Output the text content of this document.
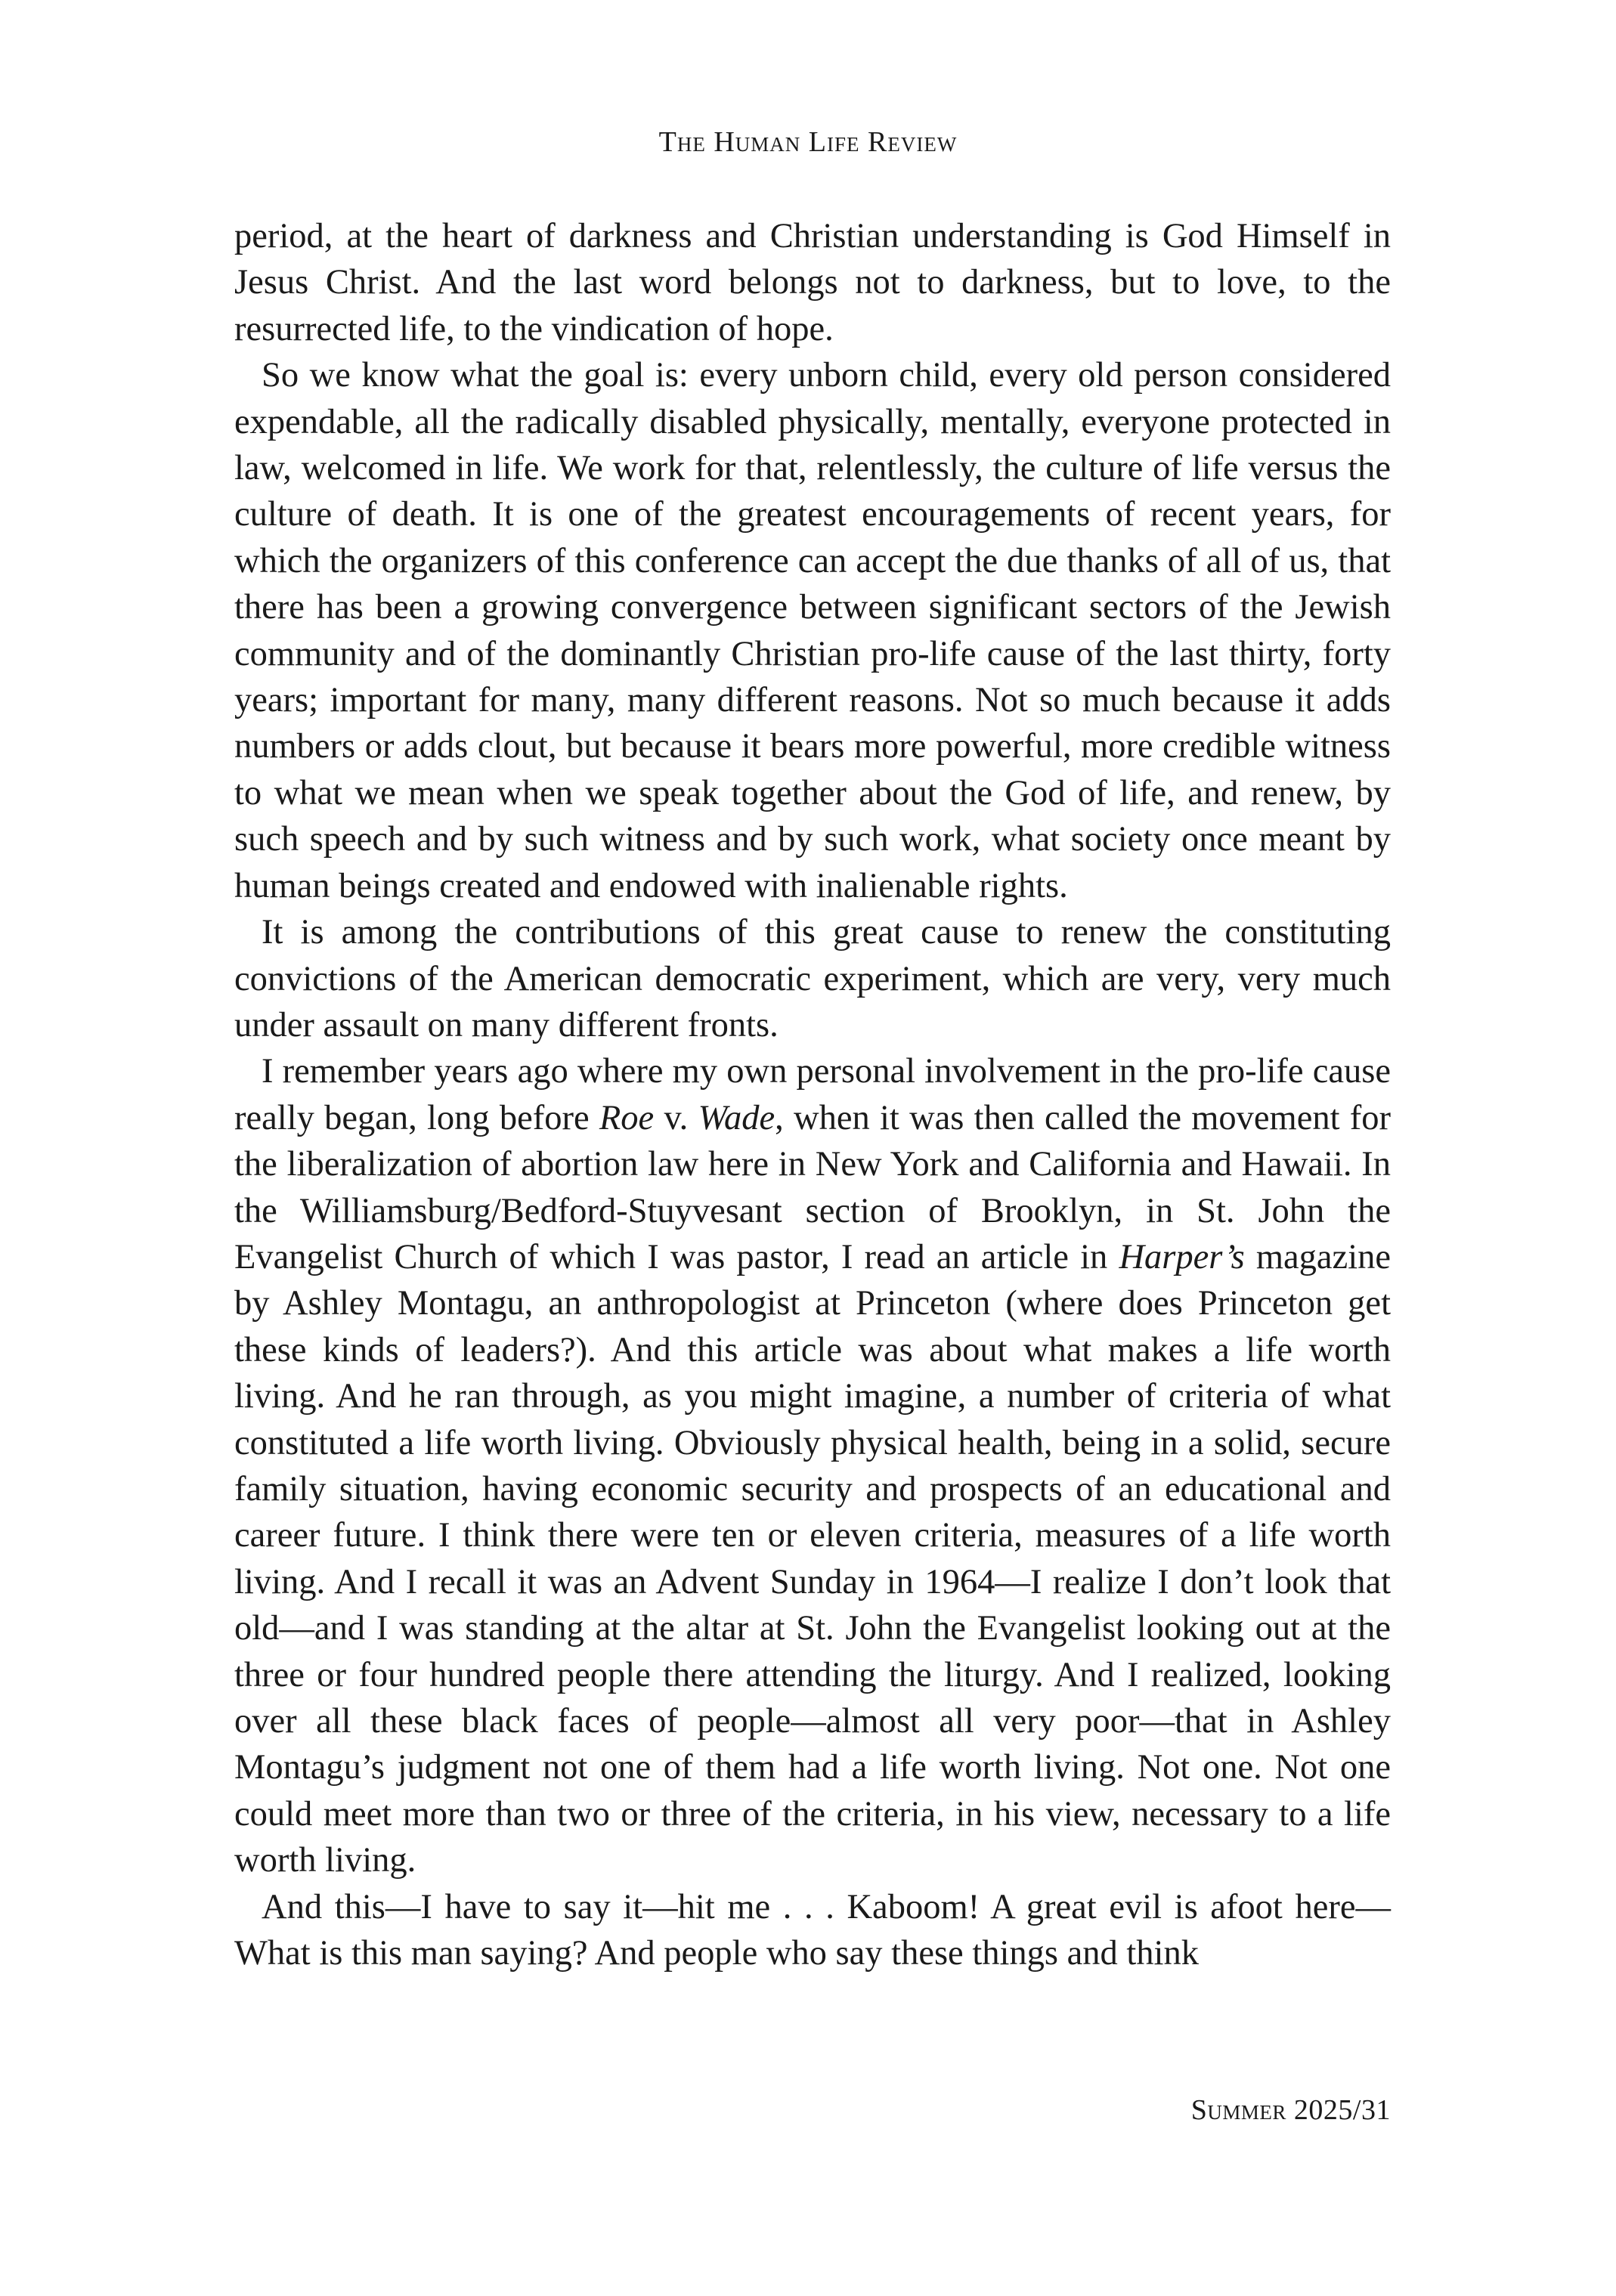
The Human Life Review

period, at the heart of darkness and Christian understanding is God Himself in Jesus Christ. And the last word belongs not to darkness, but to love, to the resurrected life, to the vindication of hope.

So we know what the goal is: every unborn child, every old person considered expendable, all the radically disabled physically, mentally, everyone protected in law, welcomed in life. We work for that, relentlessly, the culture of life versus the culture of death. It is one of the greatest encouragements of recent years, for which the organizers of this conference can accept the due thanks of all of us, that there has been a growing convergence between significant sectors of the Jewish community and of the dominantly Christian pro-life cause of the last thirty, forty years; important for many, many different reasons. Not so much because it adds numbers or adds clout, but because it bears more powerful, more credible witness to what we mean when we speak together about the God of life, and renew, by such speech and by such witness and by such work, what society once meant by human beings created and endowed with inalienable rights.

It is among the contributions of this great cause to renew the constituting convictions of the American democratic experiment, which are very, very much under assault on many different fronts.

I remember years ago where my own personal involvement in the pro-life cause really began, long before Roe v. Wade, when it was then called the movement for the liberalization of abortion law here in New York and California and Hawaii. In the Williamsburg/Bedford-Stuyvesant section of Brooklyn, in St. John the Evangelist Church of which I was pastor, I read an article in Harper’s magazine by Ashley Montagu, an anthropologist at Princeton (where does Princeton get these kinds of leaders?). And this article was about what makes a life worth living. And he ran through, as you might imagine, a number of criteria of what constituted a life worth living. Obviously physical health, being in a solid, secure family situation, having economic security and prospects of an educational and career future. I think there were ten or eleven criteria, measures of a life worth living. And I recall it was an Advent Sunday in 1964—I realize I don’t look that old—and I was standing at the altar at St. John the Evangelist looking out at the three or four hundred people there attending the liturgy. And I realized, looking over all these black faces of people—almost all very poor—that in Ashley Montagu’s judgment not one of them had a life worth living. Not one. Not one could meet more than two or three of the criteria, in his view, necessary to a life worth living.

And this—I have to say it—hit me . . . Kaboom! A great evil is afoot here—What is this man saying? And people who say these things and think

Summer 2025/31
